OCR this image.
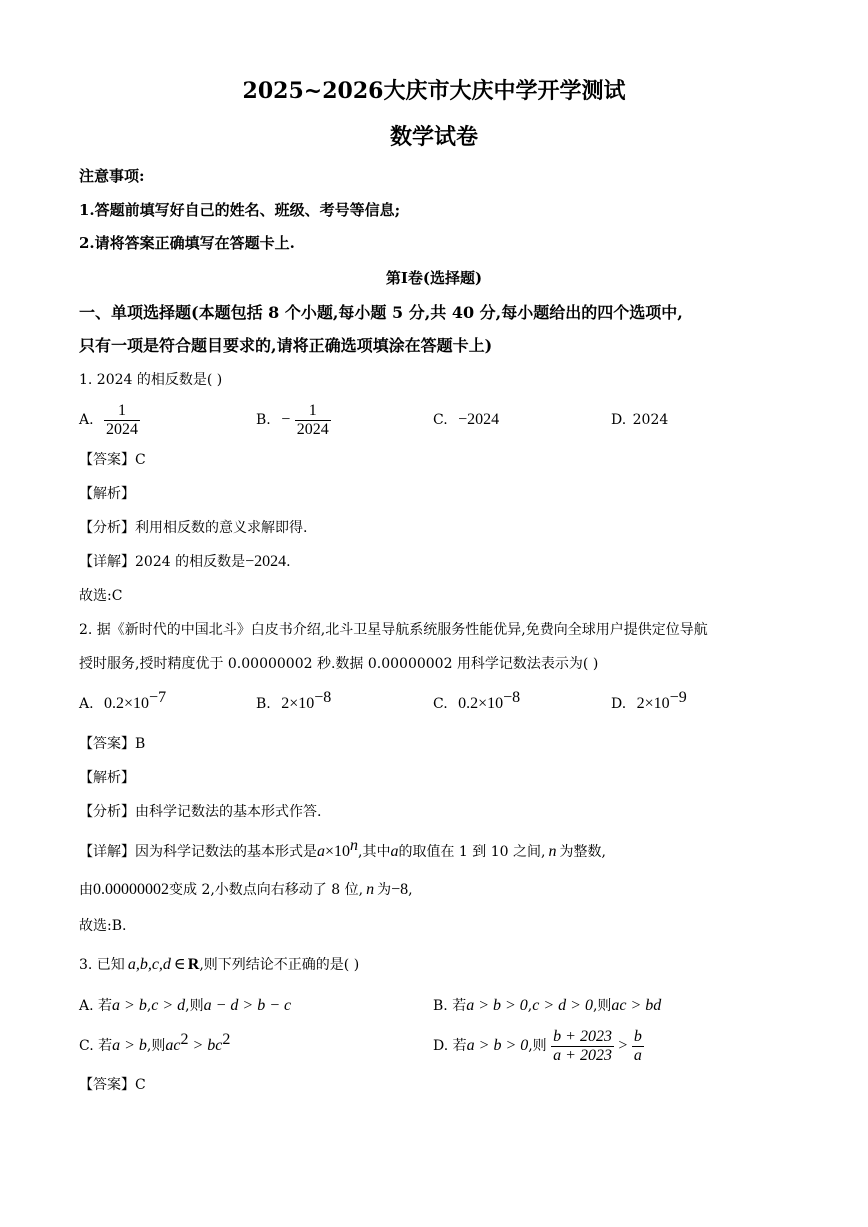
2025~2026大庆市大庆中学开学测试
数学试卷
注意事项:
1.答题前填写好自己的姓名、班级、考号等信息;
2.请将答案正确填写在答题卡上.
第I卷(选择题)
一、单项选择题(本题包括 8 个小题,每小题 5 分,共 40 分,每小题给出的四个选项中,
只有一项是符合题目要求的,请将正确选项填涂在答题卡上)
1. 2024 的相反数是( )
A. $\frac{1}{2024}$	B. − $\frac{1}{2024}$	C. −2024	D. 2024
【答案】C
【解析】
【分析】利用相反数的意义求解即得.
【详解】2024 的相反数是−2024.
故选:C
2. 据《新时代的中国北斗》白皮书介绍,北斗卫星导航系统服务性能优异,免费向全球用户提供定位导航
授时服务,授时精度优于 0.00000002 秒.数据 0.00000002 用科学记数法表示为( )
A. $0.2\times 10^{-7}$	B. $2\times 10^{-8}$	C. $0.2\times 10^{-8}$	D. $2\times 10^{-9}$
【答案】B
【解析】
【分析】由科学记数法的基本形式作答.
【详解】因为科学记数法的基本形式是$a\times 10^n$,其中a的取值在 1 到 10 之间, n 为整数,
由0.00000002变成 2,小数点向右移动了 8 位, n 为−8,
故选:B.
3. 已知 a,b,c,d ∈ R,则下列结论不正确的是( )
A. 若a > b,c > d,则a − d > b − c	B. 若a > b > 0,c > d > 0,则ac > bd
C. 若a > b,则$ac^2 > bc^2$	D. 若a > b > 0,则 $\frac{b + 2023}{a + 2023} > \frac{b}{a}$
【答案】C
